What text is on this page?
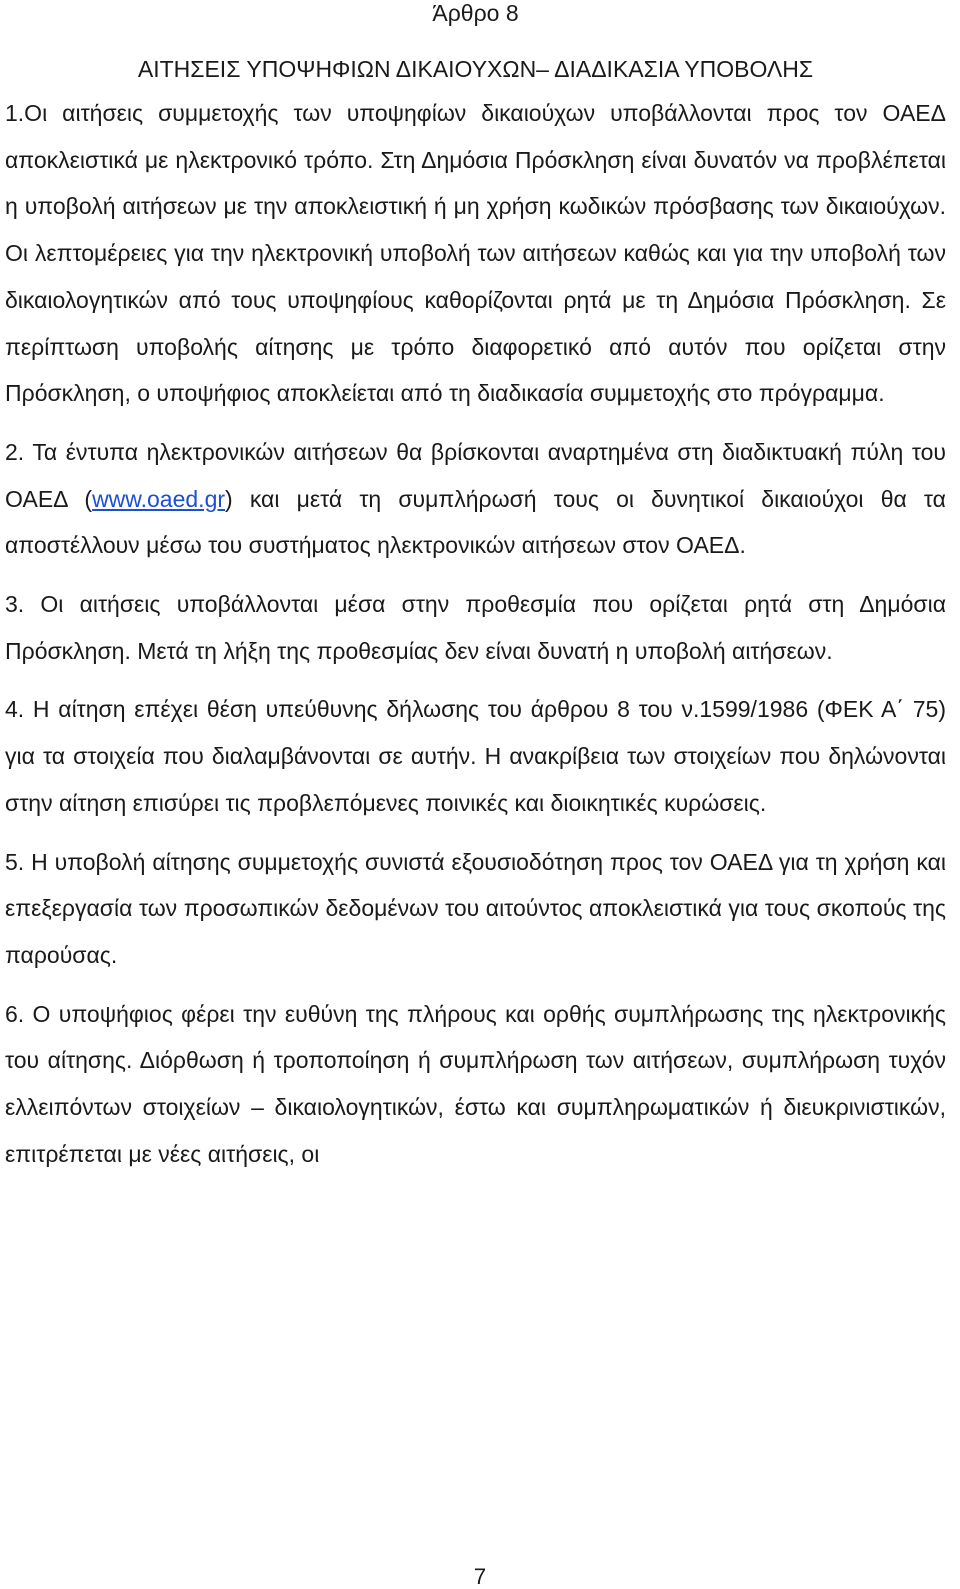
Άρθρο 8
ΑΙΤΗΣΕΙΣ ΥΠΟΨΗΦΙΩΝ ΔΙΚΑΙΟΥΧΩΝ– ΔΙΑΔΙΚΑΣΙΑ ΥΠΟΒΟΛΗΣ

1.Οι αιτήσεις συμμετοχής των υποψηφίων δικαιούχων υποβάλλονται προς τον ΟΑΕΔ αποκλειστικά με ηλεκτρονικό τρόπο. Στη Δημόσια Πρόσκληση είναι δυνατόν να προβλέπεται η υποβολή αιτήσεων με την αποκλειστική ή μη χρήση κωδικών πρόσβασης των δικαιούχων. Οι λεπτομέρειες για την ηλεκτρονική υποβολή των αιτήσεων καθώς και για την υποβολή των δικαιολογητικών από τους υποψηφίους καθορίζονται ρητά με τη Δημόσια Πρόσκληση. Σε περίπτωση υποβολής αίτησης με τρόπο διαφορετικό από αυτόν που ορίζεται στην Πρόσκληση, ο υποψήφιος αποκλείεται από τη διαδικασία συμμετοχής στο πρόγραμμα.

2. Τα έντυπα ηλεκτρονικών αιτήσεων θα βρίσκονται αναρτημένα στη διαδικτυακή πύλη του ΟΑΕΔ (www.oaed.gr) και μετά τη συμπλήρωσή τους οι δυνητικοί δικαιούχοι θα τα αποστέλλουν μέσω του συστήματος ηλεκτρονικών αιτήσεων στον ΟΑΕΔ.

3. Οι αιτήσεις υποβάλλονται μέσα στην προθεσμία που ορίζεται ρητά στη Δημόσια Πρόσκληση. Μετά τη λήξη της προθεσμίας δεν είναι δυνατή η υποβολή αιτήσεων.

4. Η αίτηση επέχει θέση υπεύθυνης δήλωσης του άρθρου 8 του ν.1599/1986 (ΦΕΚ Α΄ 75) για τα στοιχεία που διαλαμβάνονται σε αυτήν. Η ανακρίβεια των στοιχείων που δηλώνονται στην αίτηση επισύρει τις προβλεπόμενες ποινικές και διοικητικές κυρώσεις.

5. Η υποβολή αίτησης συμμετοχής συνιστά εξουσιοδότηση προς τον ΟΑΕΔ για τη χρήση και επεξεργασία των προσωπικών δεδομένων του αιτούντος αποκλειστικά για τους σκοπούς της παρούσας.

6. Ο υποψήφιος φέρει την ευθύνη της πλήρους και ορθής συμπλήρωσης της ηλεκτρονικής του αίτησης. Διόρθωση ή τροποποίηση ή συμπλήρωση των αιτήσεων, συμπλήρωση τυχόν ελλειπόντων στοιχείων – δικαιολογητικών, έστω και συμπληρωματικών ή διευκρινιστικών, επιτρέπεται με νέες αιτήσεις, οι

7
